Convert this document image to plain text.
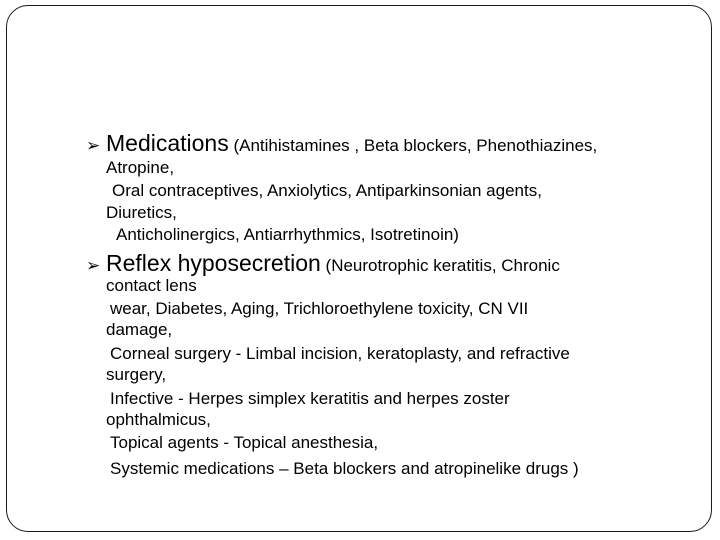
➢ Medications (Antihistamines , Beta blockers, Phenothiazines,
Atropine,
Oral contraceptives, Anxiolytics, Antiparkinsonian agents,
Diuretics,
Anticholinergics, Antiarrhythmics, Isotretinoin)
➢ Reflex hyposecretion (Neurotrophic keratitis, Chronic
contact lens
wear, Diabetes, Aging, Trichloroethylene toxicity, CN VII
damage,
Corneal surgery - Limbal incision, keratoplasty, and refractive
surgery,
Infective - Herpes simplex keratitis and herpes zoster
ophthalmicus,
Topical agents - Topical anesthesia,
Systemic medications – Beta blockers and atropinelike drugs )
